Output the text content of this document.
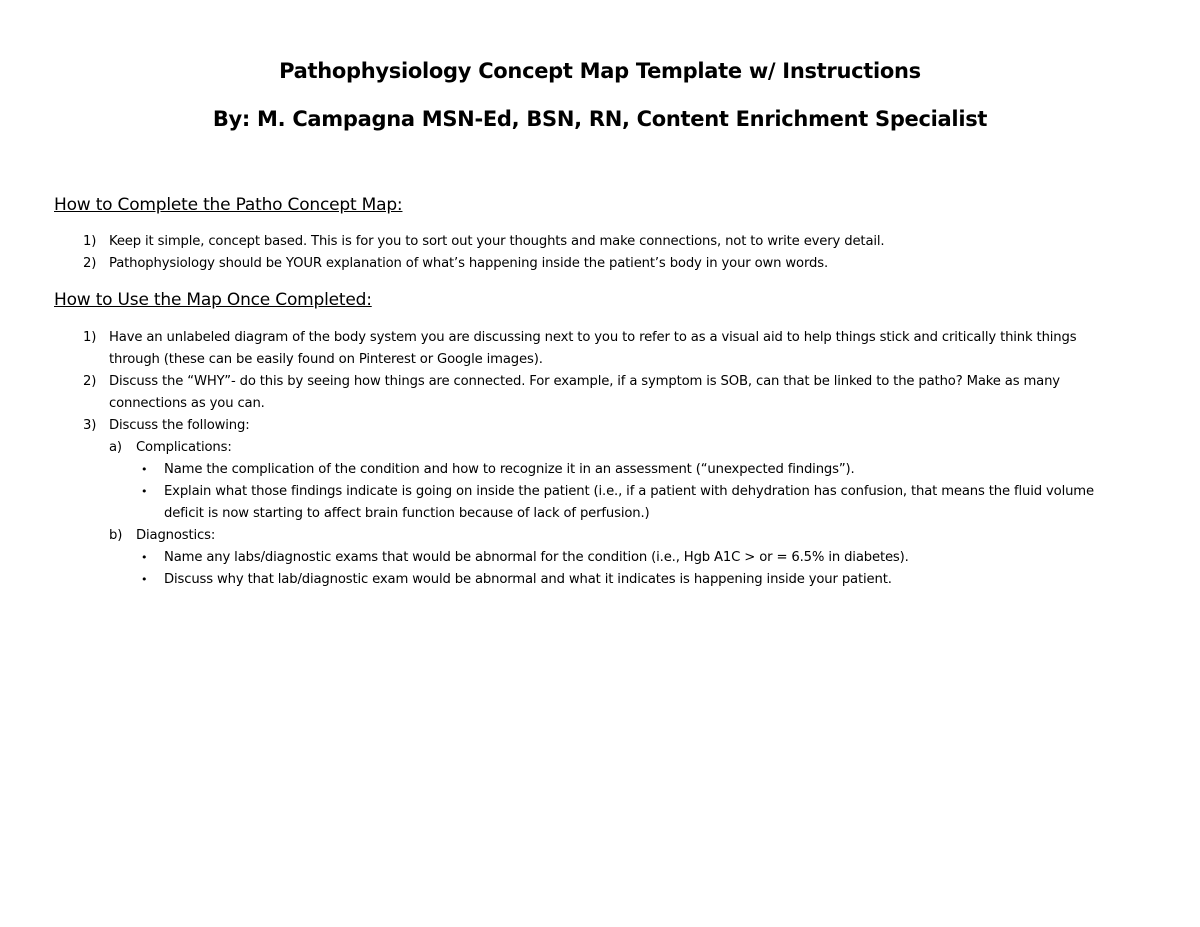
Pathophysiology Concept Map Template w/ Instructions
By: M. Campagna MSN-Ed, BSN, RN, Content Enrichment Specialist
How to Complete the Patho Concept Map:
1) Keep it simple, concept based. This is for you to sort out your thoughts and make connections, not to write every detail.
2) Pathophysiology should be YOUR explanation of what’s happening inside the patient’s body in your own words.
How to Use the Map Once Completed:
1) Have an unlabeled diagram of the body system you are discussing next to you to refer to as a visual aid to help things stick and critically think things
through (these can be easily found on Pinterest or Google images).
2) Discuss the “WHY”- do this by seeing how things are connected. For example, if a symptom is SOB, can that be linked to the patho? Make as many
connections as you can.
3) Discuss the following:
a) Complications:
• Name the complication of the condition and how to recognize it in an assessment (“unexpected findings”).
• Explain what those findings indicate is going on inside the patient (i.e., if a patient with dehydration has confusion, that means the fluid volume
deficit is now starting to affect brain function because of lack of perfusion.)
b) Diagnostics:
• Name any labs/diagnostic exams that would be abnormal for the condition (i.e., Hgb A1C > or = 6.5% in diabetes).
• Discuss why that lab/diagnostic exam would be abnormal and what it indicates is happening inside your patient.
